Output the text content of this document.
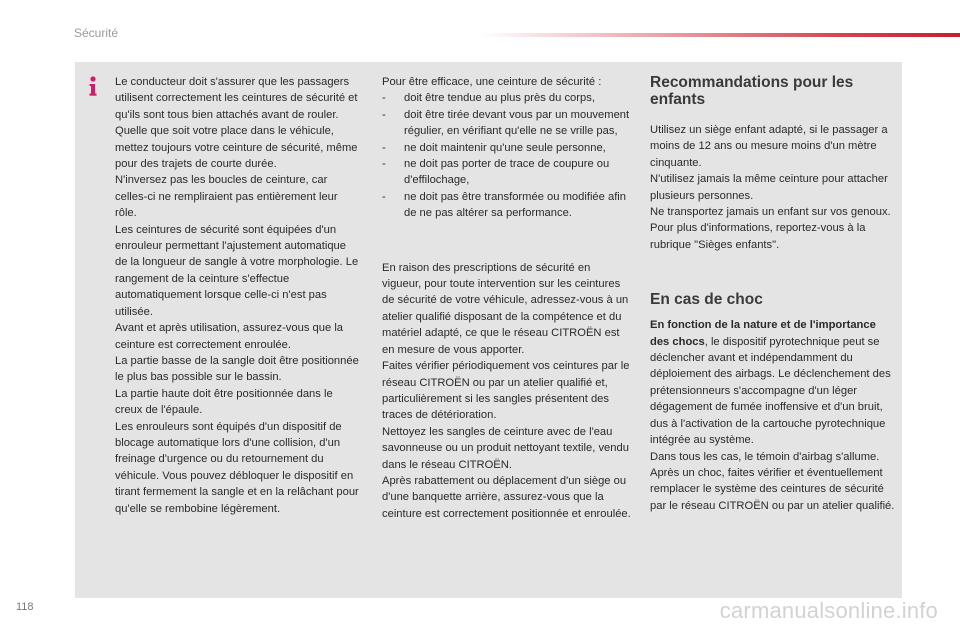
Sécurité

Le conducteur doit s'assurer que les passagers utilisent correctement les ceintures de sécurité et qu'ils sont tous bien attachés avant de rouler.
Quelle que soit votre place dans le véhicule, mettez toujours votre ceinture de sécurité, même pour des trajets de courte durée.
N'inversez pas les boucles de ceinture, car celles-ci ne rempliraient pas entièrement leur rôle.
Les ceintures de sécurité sont équipées d'un enrouleur permettant l'ajustement automatique de la longueur de sangle à votre morphologie. Le rangement de la ceinture s'effectue automatiquement lorsque celle-ci n'est pas utilisée.
Avant et après utilisation, assurez-vous que la ceinture est correctement enroulée.
La partie basse de la sangle doit être positionnée le plus bas possible sur le bassin.
La partie haute doit être positionnée dans le creux de l'épaule.
Les enrouleurs sont équipés d'un dispositif de blocage automatique lors d'une collision, d'un freinage d'urgence ou du retournement du véhicule. Vous pouvez débloquer le dispositif en tirant fermement la sangle et en la relâchant pour qu'elle se rembobine légèrement.

Pour être efficace, une ceinture de sécurité :

- doit être tendue au plus près du corps,
- doit être tirée devant vous par un mouvement régulier, en vérifiant qu'elle ne se vrille pas,
- ne doit maintenir qu'une seule personne,
- ne doit pas porter de trace de coupure ou d'effilochage,
- ne doit pas être transformée ou modifiée afin de ne pas altérer sa performance.

En raison des prescriptions de sécurité en vigueur, pour toute intervention sur les ceintures de sécurité de votre véhicule, adressez-vous à un atelier qualifié disposant de la compétence et du matériel adapté, ce que le réseau CITROËN est en mesure de vous apporter.
Faites vérifier périodiquement vos ceintures par le réseau CITROËN ou par un atelier qualifié et, particulièrement si les sangles présentent des traces de détérioration.
Nettoyez les sangles de ceinture avec de l'eau savonneuse ou un produit nettoyant textile, vendu dans le réseau CITROËN.
Après rabattement ou déplacement d'un siège ou d'une banquette arrière, assurez-vous que la ceinture est correctement positionnée et enroulée.

Recommandations pour les enfants

Utilisez un siège enfant adapté, si le passager a moins de 12 ans ou mesure moins d'un mètre cinquante.
N'utilisez jamais la même ceinture pour attacher plusieurs personnes.
Ne transportez jamais un enfant sur vos genoux.
Pour plus d'informations, reportez-vous à la rubrique "Sièges enfants".

En cas de choc

En fonction de la nature et de l'importance des chocs, le dispositif pyrotechnique peut se déclencher avant et indépendamment du déploiement des airbags. Le déclenchement des prétensionneurs s'accompagne d'un léger dégagement de fumée inoffensive et d'un bruit, dus à l'activation de la cartouche pyrotechnique intégrée au système.
Dans tous les cas, le témoin d'airbag s'allume.
Après un choc, faites vérifier et éventuellement remplacer le système des ceintures de sécurité par le réseau CITROËN ou par un atelier qualifié.

118	carmanualsonline.info
